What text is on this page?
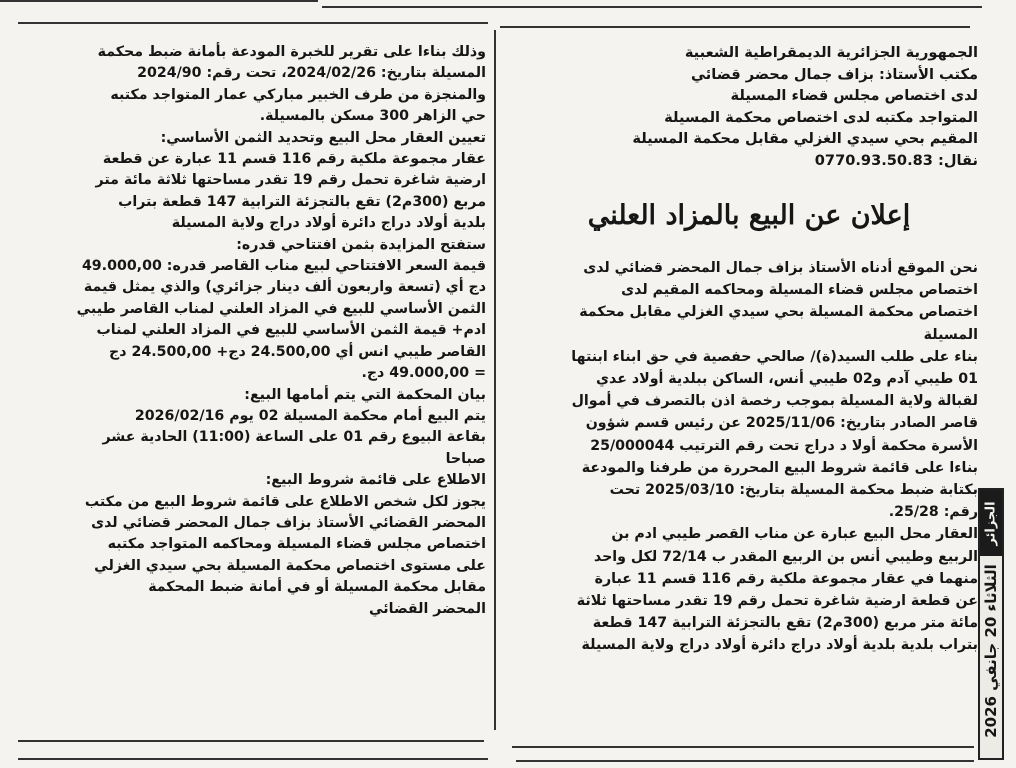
الجمهورية الجزائرية الديمقراطية الشعبية
مكتب الأستاذ: بزاف جمال محضر قضائي
لدى اختصاص مجلس قضاء المسيلة
المتواجد مكتبه لدى اختصاص محكمة المسيلة
المقيم بحي سيدي الغزلي مقابل محكمة المسيلة
نقال: 0770.93.50.83
إعلان عن البيع بالمزاد العلني
نحن الموقع أدناه الأستاذ بزاف جمال المحضر قضائي لدى
اختصاص مجلس قضاء المسيلة ومحاكمه المقيم لدى
اختصاص محكمة المسيلة بحي سيدي الغزلي مقابل محكمة
المسيلة
بناء على طلب السيد(ة)/ صالحي حفصية في حق ابناء ابنتها
01 طيبي آدم و02 طيبي أنس، الساكن ببلدية أولاد عدي
لقبالة ولاية المسيلة بموجب رخصة اذن بالتصرف في أموال
قاصر الصادر بتاريخ: 2025/11/06 عن رئيس قسم شؤون
الأسرة محكمة أولا د دراج تحت رقم الترتيب 25/000044
بناءا على قائمة شروط البيع المحررة من طرفنا والمودعة
بكتابة ضبط محكمة المسيلة بتاريخ: 2025/03/10 تحت
رقم: 25/28.
العقار محل البيع عبارة عن مناب القصر طيبي ادم بن
الربيع وطيبي أنس بن الربيع المقدر ب 72/14 لكل واحد
منهما في عقار مجموعة ملكية رقم 116 قسم 11 عبارة
عن قطعة ارضية شاغرة تحمل رقم 19 تقدر مساحتها ثلاثة
مائة متر مربع (300م2) تقع بالتجزئة الترابية 147 قطعة
بتراب بلدية بلدية أولاد دراج دائرة أولاد دراج ولاية المسيلة
وذلك بناءا على تقرير للخبرة المودعة بأمانة ضبط محكمة
المسيلة بتاريخ: 2024/02/26، تحت رقم: 2024/90
والمنجزة من طرف الخبير مباركي عمار المتواجد مكتبه
حي الزاهر 300 مسكن بالمسيلة.
تعيين العقار محل البيع وتحديد الثمن الأساسي:
عقار مجموعة ملكية رقم 116 قسم 11 عبارة عن قطعة
ارضية شاغرة تحمل رقم 19 تقدر مساحتها ثلاثة مائة متر
مربع (300م2) تقع بالتجزئة الترابية 147 قطعة بتراب
بلدية أولاد دراج دائرة أولاد دراج ولاية المسيلة
ستفتح المزايدة بثمن افتتاحي قدره:
قيمة السعر الافتتاحي لبيع مناب القاصر قدره: 49.000,00
دج أي (تسعة واربعون ألف دينار جزائري) والذي يمثل قيمة
الثمن الأساسي للبيع في المزاد العلني لمناب القاصر طيبي
ادم+ قيمة الثمن الأساسي للبيع في المزاد العلني لمناب
القاصر طيبي انس أي 24.500,00 دج+ 24.500,00 دج
= 49.000,00 دج.
بيان المحكمة التي يتم أمامها البيع:
يتم البيع أمام محكمة المسيلة 02 يوم 2026/02/16
بقاعة البيوع رقم 01 على الساعة (11:00) الحادية عشر
صباحا
الاطلاع على قائمة شروط البيع:
يجوز لكل شخص الاطلاع على قائمة شروط البيع من مكتب
المحضر القضائي الأستاذ بزاف جمال المحضر قضائي لدى
اختصاص مجلس قضاء المسيلة ومحاكمه المتواجد مكتبه
على مستوى اختصاص محكمة المسيلة بحي سيدي الغزلي
مقابل محكمة المسيلة أو في أمانة ضبط المحكمة
المحضر القضائي
الجزائر
الثلاثاء 20 جانفي 2026
